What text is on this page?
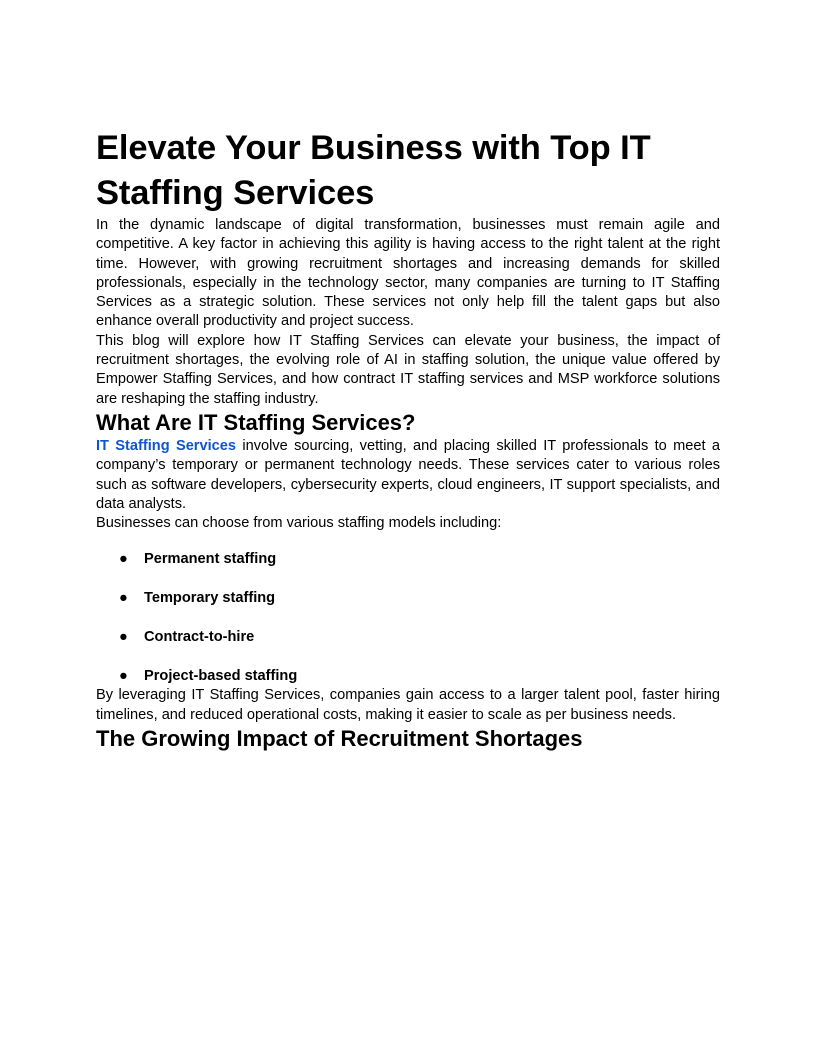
Elevate Your Business with Top IT Staffing Services

In the dynamic landscape of digital transformation, businesses must remain agile and competitive. A key factor in achieving this agility is having access to the right talent at the right time. However, with growing recruitment shortages and increasing demands for skilled professionals, especially in the technology sector, many companies are turning to IT Staffing Services as a strategic solution. These services not only help fill the talent gaps but also enhance overall productivity and project success.

This blog will explore how IT Staffing Services can elevate your business, the impact of recruitment shortages, the evolving role of AI in staffing solution, the unique value offered by Empower Staffing Services, and how contract IT staffing services and MSP workforce solutions are reshaping the staffing industry.

What Are IT Staffing Services?

IT Staffing Services involve sourcing, vetting, and placing skilled IT professionals to meet a company’s temporary or permanent technology needs. These services cater to various roles such as software developers, cybersecurity experts, cloud engineers, IT support specialists, and data analysts.

Businesses can choose from various staffing models including:

● Permanent staffing
● Temporary staffing
● Contract-to-hire
● Project-based staffing

By leveraging IT Staffing Services, companies gain access to a larger talent pool, faster hiring timelines, and reduced operational costs, making it easier to scale as per business needs.

The Growing Impact of Recruitment Shortages
